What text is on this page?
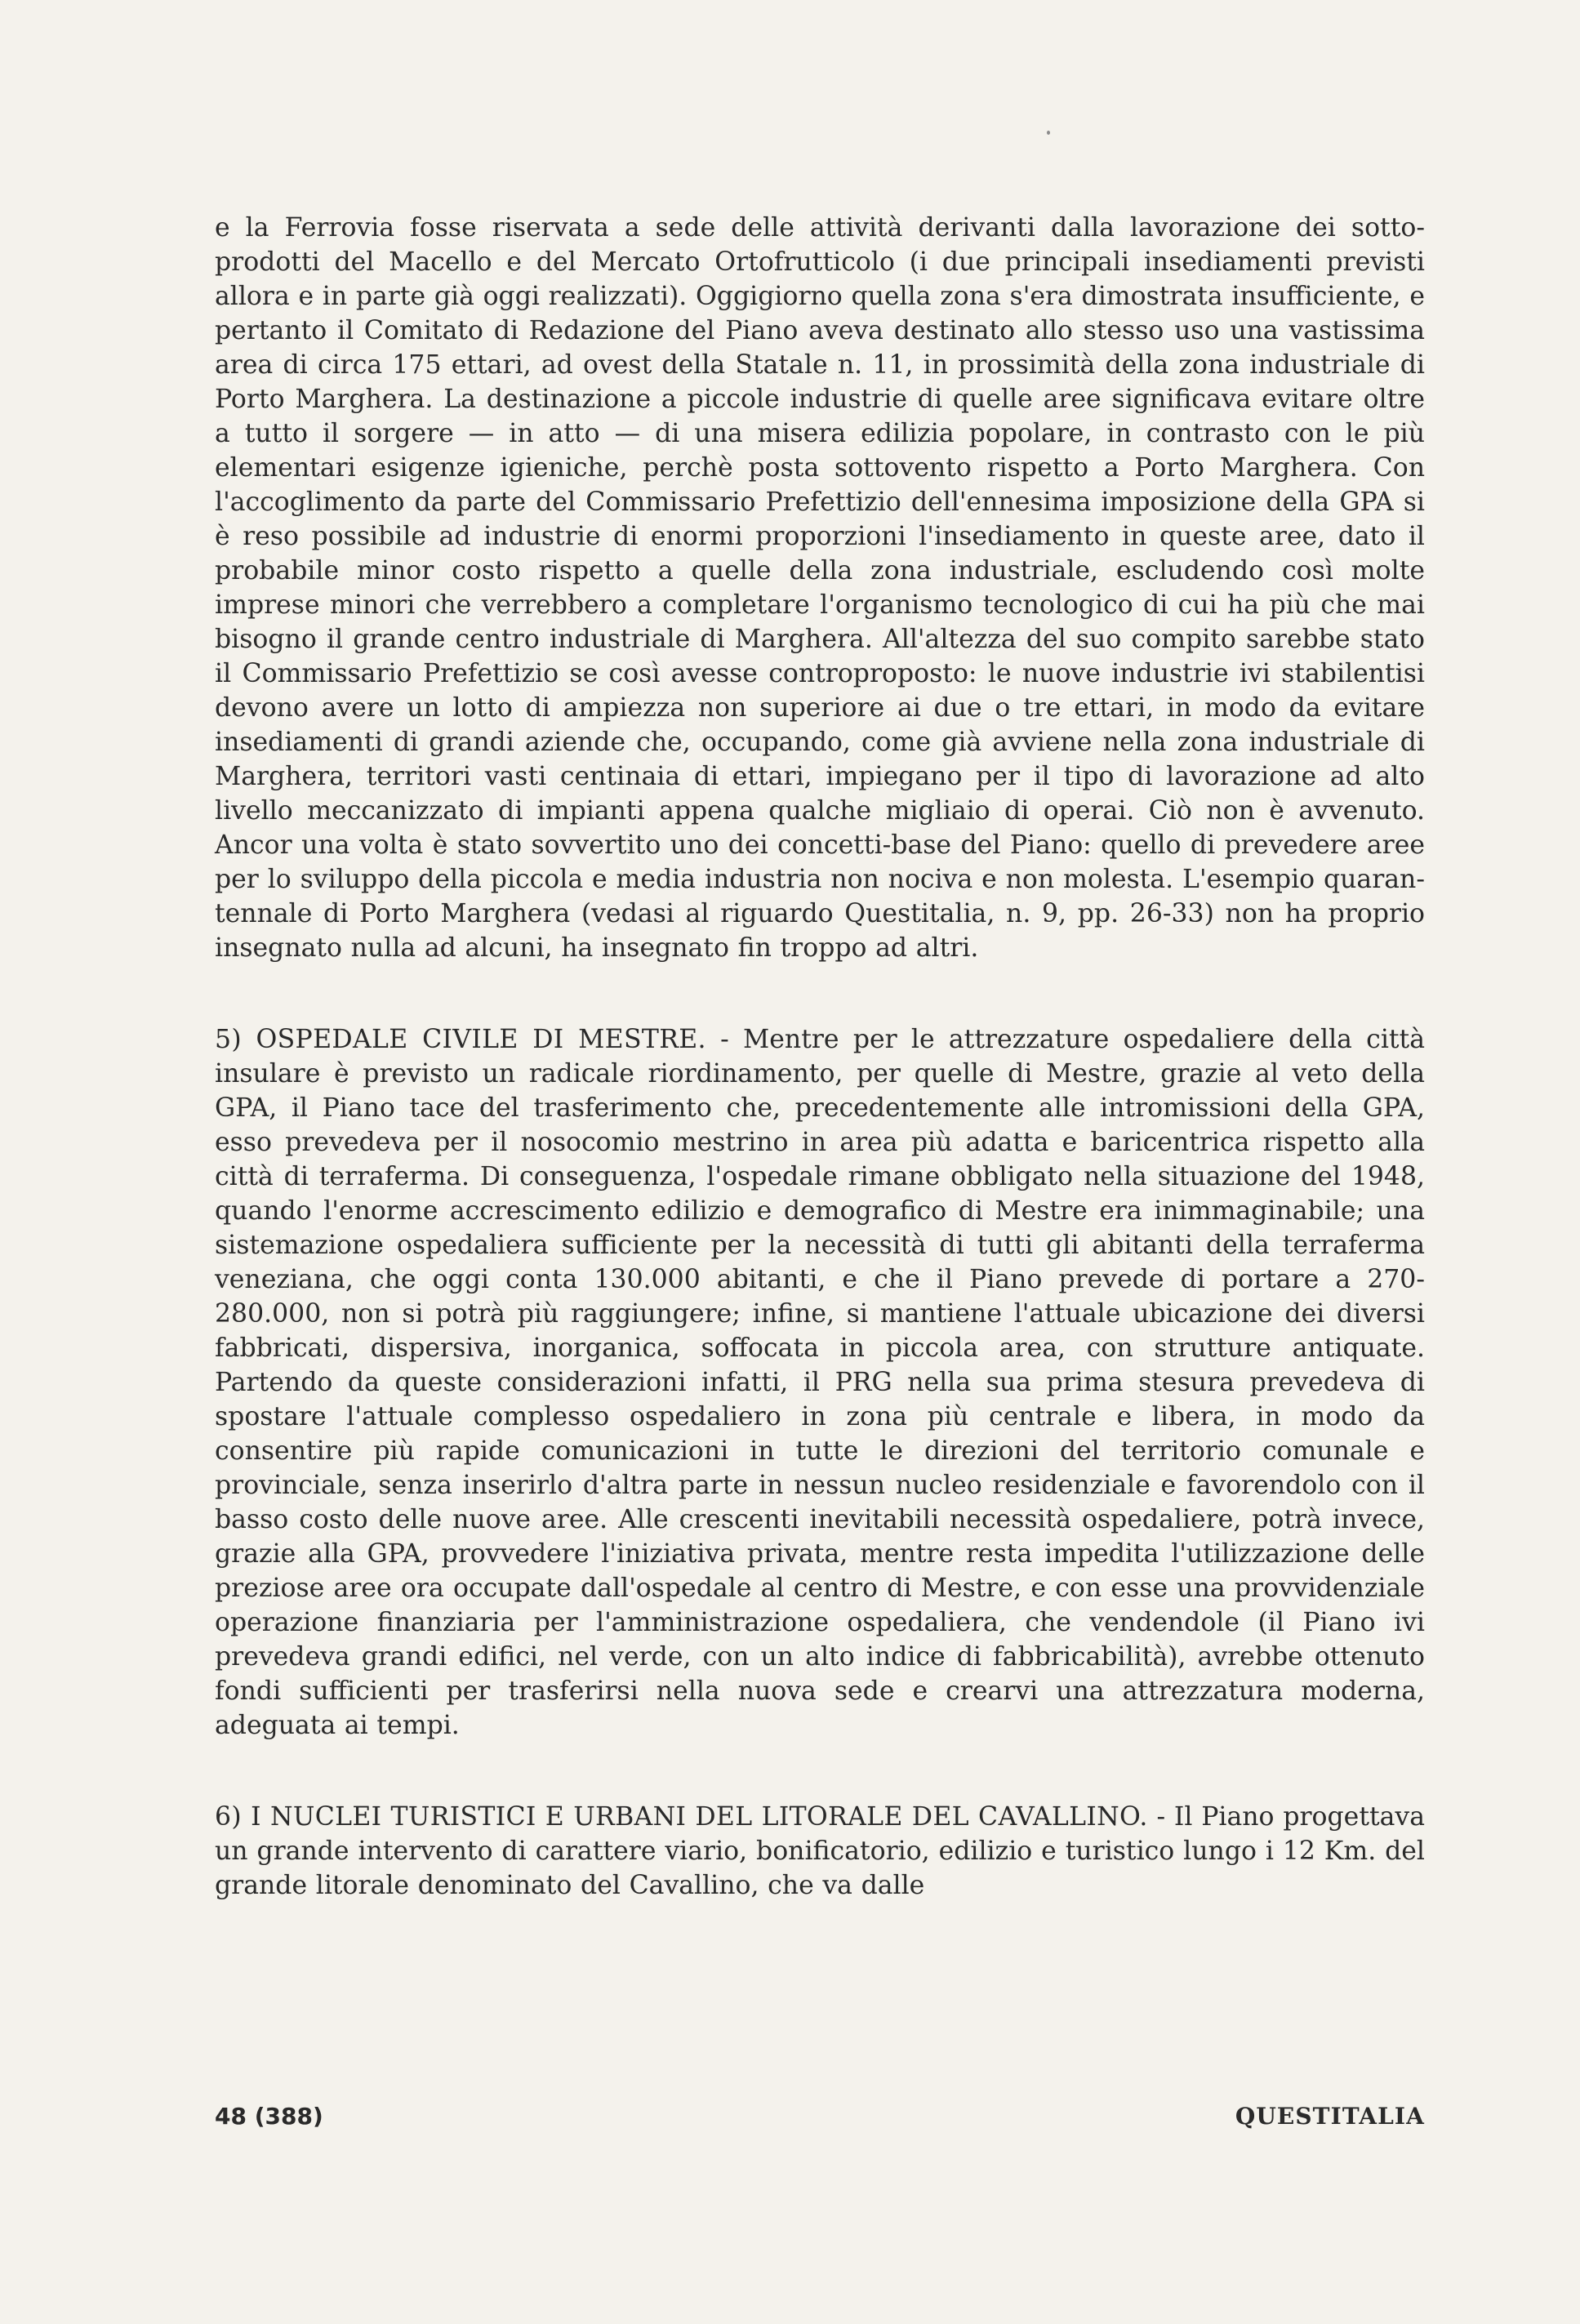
e la Ferrovia fosse riservata a sede delle attività derivanti dalla lavorazione dei sottoprodotti del Macello e del Mercato Ortofrutticolo (i due principali insediamenti previsti allora e in parte già oggi realizzati). Oggigiorno quella zona s'era dimostrata insufficiente, e pertanto il Comitato di Redazione del Piano aveva destinato allo stesso uso una vastissima area di circa 175 ettari, ad ovest della Statale n. 11, in prossimità della zona industriale di Porto Marghera. La destinazione a piccole industrie di quelle aree significava evitare oltre a tutto il sorgere — in atto — di una misera edilizia popolare, in contrasto con le più elementari esigenze igieniche, perchè posta sottovento rispetto a Porto Marghera. Con l'accoglimento da parte del Commissario Prefettizio dell'ennesima imposizione della GPA si è reso possibile ad industrie di enormi proporzioni l'insediamento in queste aree, dato il probabile minor costo rispetto a quelle della zona industriale, escludendo così molte imprese minori che verrebbero a completare l'organismo tecnologico di cui ha più che mai bisogno il grande centro industriale di Marghera. All'altezza del suo compito sarebbe stato il Commissario Prefettizio se così avesse controproposto: le nuove industrie ivi stabilentisi devono avere un lotto di ampiezza non superiore ai due o tre ettari, in modo da evitare insediamenti di grandi aziende che, occupando, come già avviene nella zona industriale di Marghera, territori vasti centinaia di ettari, impiegano per il tipo di lavorazione ad alto livello meccanizzato di impianti appena qualche migliaio di operai. Ciò non è avvenuto. Ancor una volta è stato sovvertito uno dei concetti-base del Piano: quello di prevedere aree per lo sviluppo della piccola e media industria non nociva e non molesta. L'esempio quarantennale di Porto Marghera (vedasi al riguardo Questitalia, n. 9, pp. 26-33) non ha proprio insegnato nulla ad alcuni, ha insegnato fin troppo ad altri.

5) OSPEDALE CIVILE DI MESTRE. - Mentre per le attrezzature ospedaliere della città insulare è previsto un radicale riordinamento, per quelle di Mestre, grazie al veto della GPA, il Piano tace del trasferimento che, precedentemente alle intromissioni della GPA, esso prevedeva per il nosocomio mestrino in area più adatta e baricentrica rispetto alla città di terraferma. Di conseguenza, l'ospedale rimane obbligato nella situazione del 1948, quando l'enorme accrescimento edilizio e demografico di Mestre era inimmaginabile; una sistemazione ospedaliera sufficiente per la necessità di tutti gli abitanti della terraferma veneziana, che oggi conta 130.000 abitanti, e che il Piano prevede di portare a 270-280.000, non si potrà più raggiungere; infine, si mantiene l'attuale ubicazione dei diversi fabbricati, dispersiva, inorganica, soffocata in piccola area, con strutture antiquate. Partendo da queste considerazioni infatti, il PRG nella sua prima stesura prevedeva di spostare l'attuale complesso ospedaliero in zona più centrale e libera, in modo da consentire più rapide comunicazioni in tutte le direzioni del territorio comunale e provinciale, senza inserirlo d'altra parte in nessun nucleo residenziale e favorendolo con il basso costo delle nuove aree. Alle crescenti inevitabili necessità ospedaliere, potrà invece, grazie alla GPA, provvedere l'iniziativa privata, mentre resta impedita l'utilizzazione delle preziose aree ora occupate dall'ospedale al centro di Mestre, e con esse una provvidenziale operazione finanziaria per l'amministrazione ospedaliera, che vendendole (il Piano ivi prevedeva grandi edifici, nel verde, con un alto indice di fabbricabilità), avrebbe ottenuto fondi sufficienti per trasferirsi nella nuova sede e crearvi una attrezzatura moderna, adeguata ai tempi.

6) I NUCLEI TURISTICI E URBANI DEL LITORALE DEL CAVALLINO. - Il Piano progettava un grande intervento di carattere viario, bonificatorio, edilizio e turistico lungo i 12 Km. del grande litorale denominato del Cavallino, che va dalle

48 (388)	QUESTITALIA
